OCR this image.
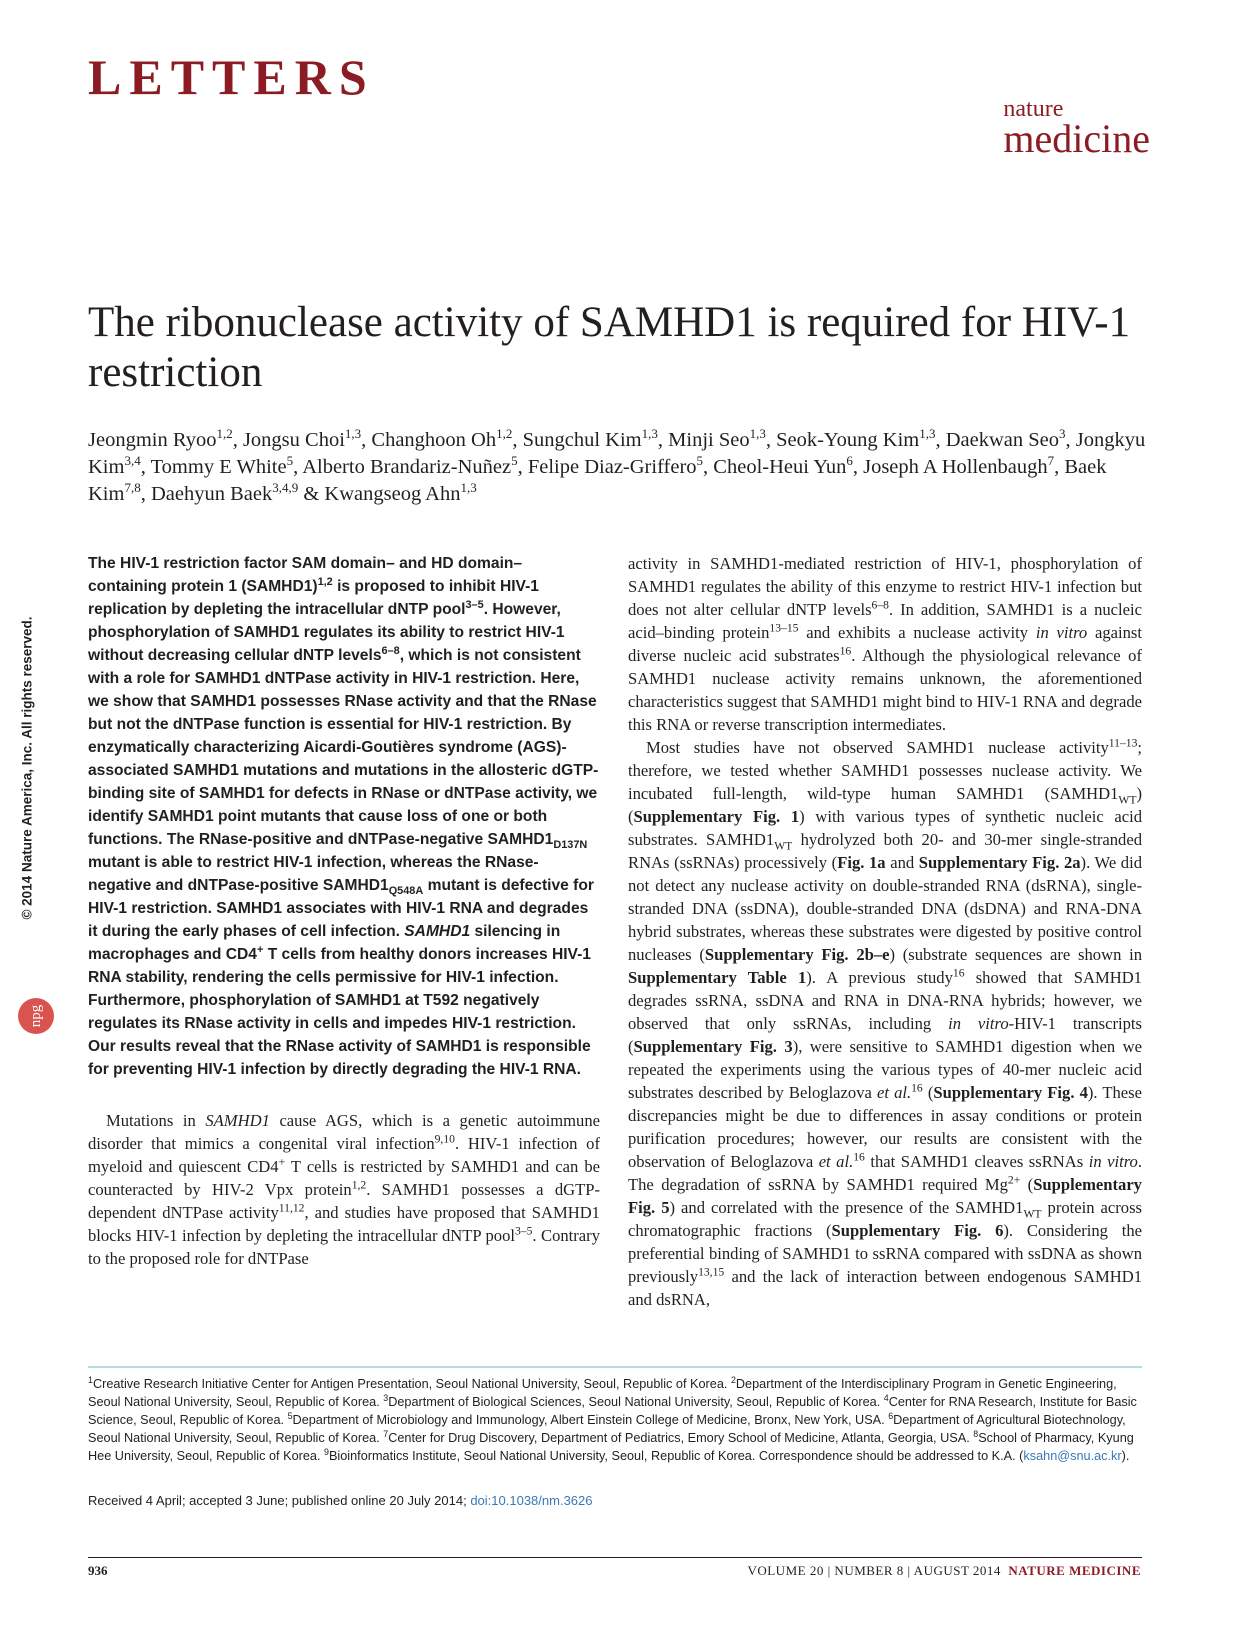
LETTERS
nature
medicine
The ribonuclease activity of SAMHD1 is required for HIV-1 restriction

Jeongmin Ryoo$^{1,2}$, Jongsu Choi$^{1,3}$, Changhoon Oh$^{1,2}$, Sungchul Kim$^{1,3}$, Minji Seo$^{1,3}$, Seok-Young Kim$^{1,3}$, Daekwan Seo$^3$, Jongkyu Kim$^{3,4}$, Tommy E White$^5$, Alberto Brandariz-Nuñez$^5$, Felipe Diaz-Griffero$^5$, Cheol-Heui Yun$^6$, Joseph A Hollenbaugh$^7$, Baek Kim$^{7,8}$, Daehyun Baek$^{3,4,9}$ & Kwangseog Ahn$^{1,3}$

© 2014 Nature America, Inc. All rights reserved.
npg

The HIV-1 restriction factor SAM domain– and HD domain–containing protein 1 (SAMHD1)$^{1,2}$ is proposed to inhibit HIV-1 replication by depleting the intracellular dNTP pool$^{3-5}$. However, phosphorylation of SAMHD1 regulates its ability to restrict HIV-1 without decreasing cellular dNTP levels$^{6-8}$, which is not consistent with a role for SAMHD1 dNTPase activity in HIV-1 restriction. Here, we show that SAMHD1 possesses RNase activity and that the RNase but not the dNTPase function is essential for HIV-1 restriction. By enzymatically characterizing Aicardi-Goutières syndrome (AGS)-associated SAMHD1 mutations and mutations in the allosteric dGTP-binding site of SAMHD1 for defects in RNase or dNTPase activity, we identify SAMHD1 point mutants that cause loss of one or both functions. The RNase-positive and dNTPase-negative $SAMHD1_{D137N}$ mutant is able to restrict HIV-1 infection, whereas the RNase-negative and dNTPase-positive $SAMHD1_{Q548A}$ mutant is defective for HIV-1 restriction. SAMHD1 associates with HIV-1 RNA and degrades it during the early phases of cell infection. SAMHD1 silencing in macrophages and CD4+ T cells from healthy donors increases HIV-1 RNA stability, rendering the cells permissive for HIV-1 infection. Furthermore, phosphorylation of SAMHD1 at T592 negatively regulates its RNase activity in cells and impedes HIV-1 restriction. Our results reveal that the RNase activity of SAMHD1 is responsible for preventing HIV-1 infection by directly degrading the HIV-1 RNA.

Mutations in SAMHD1 cause AGS, which is a genetic autoimmune disorder that mimics a congenital viral infection$^{9,10}$. HIV-1 infection of myeloid and quiescent CD4+ T cells is restricted by SAMHD1 and can be counteracted by HIV-2 Vpx protein$^{1,2}$. SAMHD1 possesses a dGTP-dependent dNTPase activity$^{11,12}$, and studies have proposed that SAMHD1 blocks HIV-1 infection by depleting the intracellular dNTP pool$^{3-5}$. Contrary to the proposed role for dNTPase

activity in SAMHD1-mediated restriction of HIV-1, phosphorylation of SAMHD1 regulates the ability of this enzyme to restrict HIV-1 infection but does not alter cellular dNTP levels$^{6-8}$. In addition, SAMHD1 is a nucleic acid–binding protein$^{13-15}$ and exhibits a nuclease activity in vitro against diverse nucleic acid substrates$^{16}$. Although the physiological relevance of SAMHD1 nuclease activity remains unknown, the aforementioned characteristics suggest that SAMHD1 might bind to HIV-1 RNA and degrade this RNA or reverse transcription intermediates.

Most studies have not observed SAMHD1 nuclease activity$^{11-13}$; therefore, we tested whether SAMHD1 possesses nuclease activity. We incubated full-length, wild-type human SAMHD1 $(SAMHD1_{WT})$ (Supplementary Fig. 1) with various types of synthetic nucleic acid substrates. $SAMHD1_{WT}$ hydrolyzed both 20- and 30-mer single-stranded RNAs (ssRNAs) processively (Fig. 1a and Supplementary Fig. 2a). We did not detect any nuclease activity on double-stranded RNA (dsRNA), single-stranded DNA (ssDNA), double-stranded DNA (dsDNA) and RNA-DNA hybrid substrates, whereas these substrates were digested by positive control nucleases (Supplementary Fig. 2b–e) (substrate sequences are shown in Supplementary Table 1). A previous study$^{16}$ showed that SAMHD1 degrades ssRNA, ssDNA and RNA in DNA-RNA hybrids; however, we observed that only ssRNAs, including in vitro-HIV-1 transcripts (Supplementary Fig. 3), were sensitive to SAMHD1 digestion when we repeated the experiments using the various types of 40-mer nucleic acid substrates described by Beloglazova et al.$^{16}$ (Supplementary Fig. 4). These discrepancies might be due to differences in assay conditions or protein purification procedures; however, our results are consistent with the observation of Beloglazova et al.$^{16}$ that SAMHD1 cleaves ssRNAs in vitro. The degradation of ssRNA by SAMHD1 required $Mg^{2+}$ (Supplementary Fig. 5) and correlated with the presence of the $SAMHD1_{WT}$ protein across chromatographic fractions (Supplementary Fig. 6). Considering the preferential binding of SAMHD1 to ssRNA compared with ssDNA as shown previously$^{13,15}$ and the lack of interaction between endogenous SAMHD1 and dsRNA,

$^1$Creative Research Initiative Center for Antigen Presentation, Seoul National University, Seoul, Republic of Korea. $^2$Department of the Interdisciplinary Program in Genetic Engineering, Seoul National University, Seoul, Republic of Korea. $^3$Department of Biological Sciences, Seoul National University, Seoul, Republic of Korea. $^4$Center for RNA Research, Institute for Basic Science, Seoul, Republic of Korea. $^5$Department of Microbiology and Immunology, Albert Einstein College of Medicine, Bronx, New York, USA. $^6$Department of Agricultural Biotechnology, Seoul National University, Seoul, Republic of Korea. $^7$Center for Drug Discovery, Department of Pediatrics, Emory School of Medicine, Atlanta, Georgia, USA. $^8$School of Pharmacy, Kyung Hee University, Seoul, Republic of Korea. $^9$Bioinformatics Institute, Seoul National University, Seoul, Republic of Korea. Correspondence should be addressed to K.A. (ksahn@snu.ac.kr).

Received 4 April; accepted 3 June; published online 20 July 2014; doi:10.1038/nm.3626

936	VOLUME 20 | NUMBER 8 | AUGUST 2014 NATURE MEDICINE
